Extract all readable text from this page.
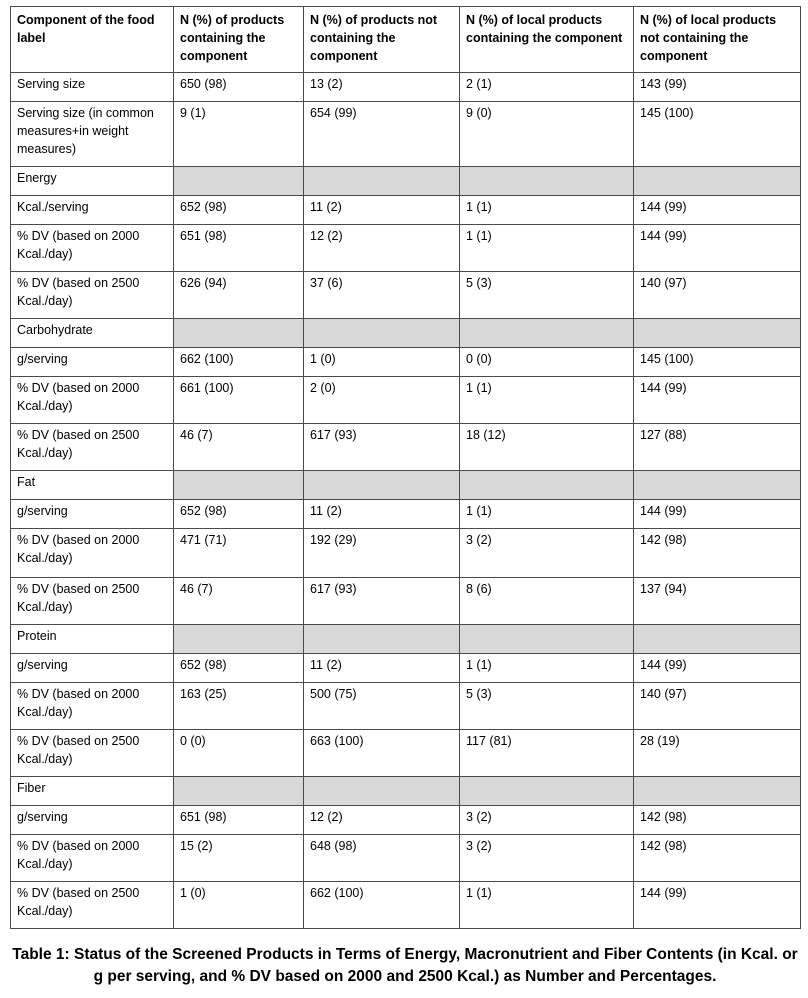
Component of the food label	N (%) of products containing the component	N (%) of products not containing the component	N (%) of local products containing the component	N (%) of local products not containing the component
Serving size	650 (98)	13 (2)	2 (1)	143 (99)
Serving size (in common measures+in weight measures)	9 (1)	654 (99)	9 (0)	145 (100)
Energy				
Kcal./serving	652 (98)	11 (2)	1 (1)	144 (99)
% DV (based on 2000 Kcal./day)	651 (98)	12 (2)	1 (1)	144 (99)
% DV (based on 2500 Kcal./day)	626 (94)	37 (6)	5 (3)	140 (97)
Carbohydrate				
g/serving	662 (100)	1 (0)	0 (0)	145 (100)
% DV (based on 2000 Kcal./day)	661 (100)	2 (0)	1 (1)	144 (99)
% DV (based on 2500 Kcal./day)	46 (7)	617 (93)	18 (12)	127 (88)
Fat				
g/serving	652 (98)	11 (2)	1 (1)	144 (99)
% DV (based on 2000 Kcal./day)	471 (71)	192 (29)	3 (2)	142 (98)
% DV (based on 2500 Kcal./day)	46 (7)	617 (93)	8 (6)	137 (94)
Protein				
g/serving	652 (98)	11 (2)	1 (1)	144 (99)
% DV (based on 2000 Kcal./day)	163 (25)	500 (75)	5 (3)	140 (97)
% DV (based on 2500 Kcal./day)	0 (0)	663 (100)	117 (81)	28 (19)
Fiber				
g/serving	651 (98)	12 (2)	3 (2)	142 (98)
% DV (based on 2000 Kcal./day)	15 (2)	648 (98)	3 (2)	142 (98)
% DV (based on 2500 Kcal./day)	1 (0)	662 (100)	1 (1)	144 (99)
Table 1: Status of the Screened Products in Terms of Energy, Macronutrient and Fiber Contents (in Kcal. or g per serving, and % DV based on 2000 and 2500 Kcal.) as Number and Percentages.
